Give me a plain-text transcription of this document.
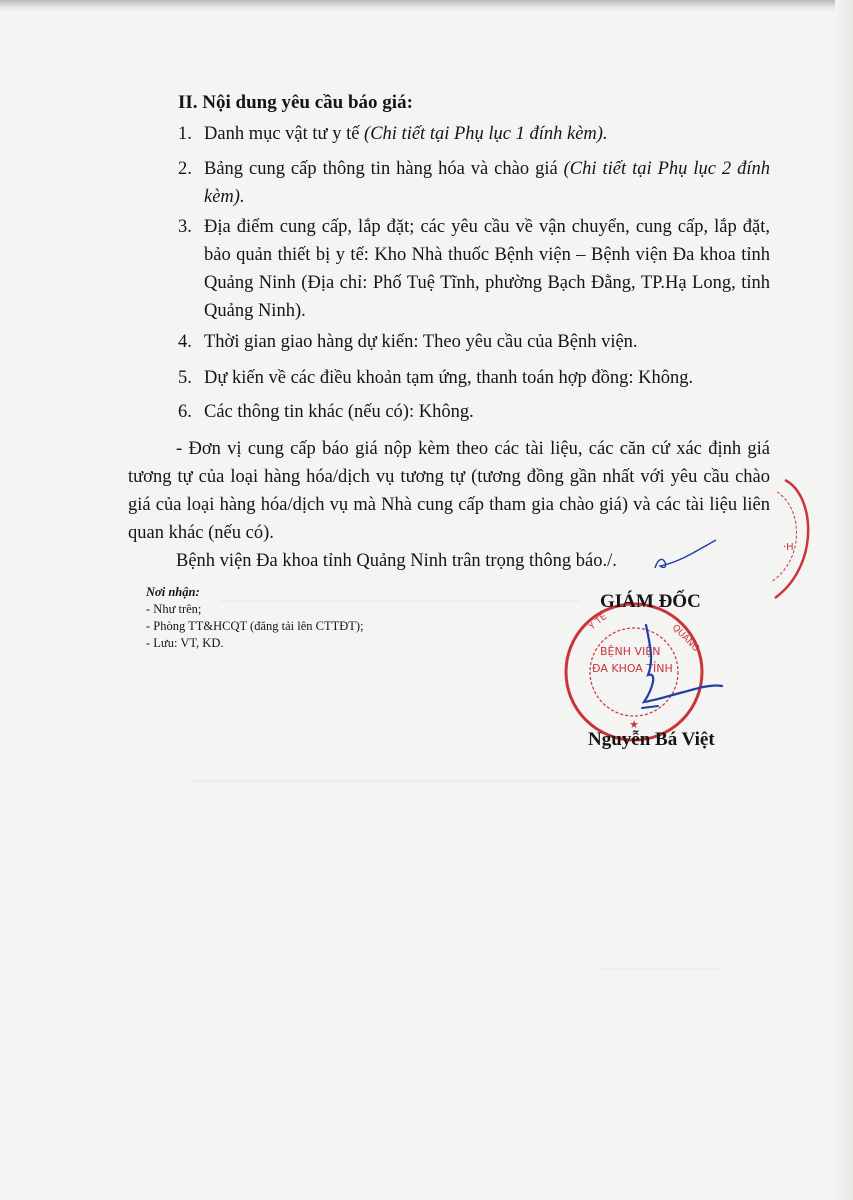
II. Nội dung yêu cầu báo giá:
1. Danh mục vật tư y tế (Chi tiết tại Phụ lục 1 đính kèm).
2. Bảng cung cấp thông tin hàng hóa và chào giá (Chi tiết tại Phụ lục 2 đính kèm).
3. Địa điểm cung cấp, lắp đặt; các yêu cầu về vận chuyển, cung cấp, lắp đặt, bảo quản thiết bị y tế: Kho Nhà thuốc Bệnh viện – Bệnh viện Đa khoa tỉnh Quảng Ninh (Địa chỉ: Phố Tuệ Tĩnh, phường Bạch Đằng, TP.Hạ Long, tỉnh Quảng Ninh).
4. Thời gian giao hàng dự kiến: Theo yêu cầu của Bệnh viện.
5. Dự kiến về các điều khoản tạm ứng, thanh toán hợp đồng: Không.
6. Các thông tin khác (nếu có): Không.

- Đơn vị cung cấp báo giá nộp kèm theo các tài liệu, các căn cứ xác định giá tương tự của loại hàng hóa/dịch vụ tương tự (tương đồng gần nhất với yêu cầu chào giá của loại hàng hóa/dịch vụ mà Nhà cung cấp tham gia chào giá) và các tài liệu liên quan khác (nếu có).

Bệnh viện Đa khoa tỉnh Quảng Ninh trân trọng thông báo./.
Nơi nhận:
- Như trên;
- Phòng TT&HCQT (đăng tải lên CTTĐT);
- Lưu: VT, KD.
Y TẾ
QUẢNG
★
BỆNH VIỆN
ĐA KHOA TỈNH
GIÁM ĐỐC
Nguyễn Bá Việt
·H
